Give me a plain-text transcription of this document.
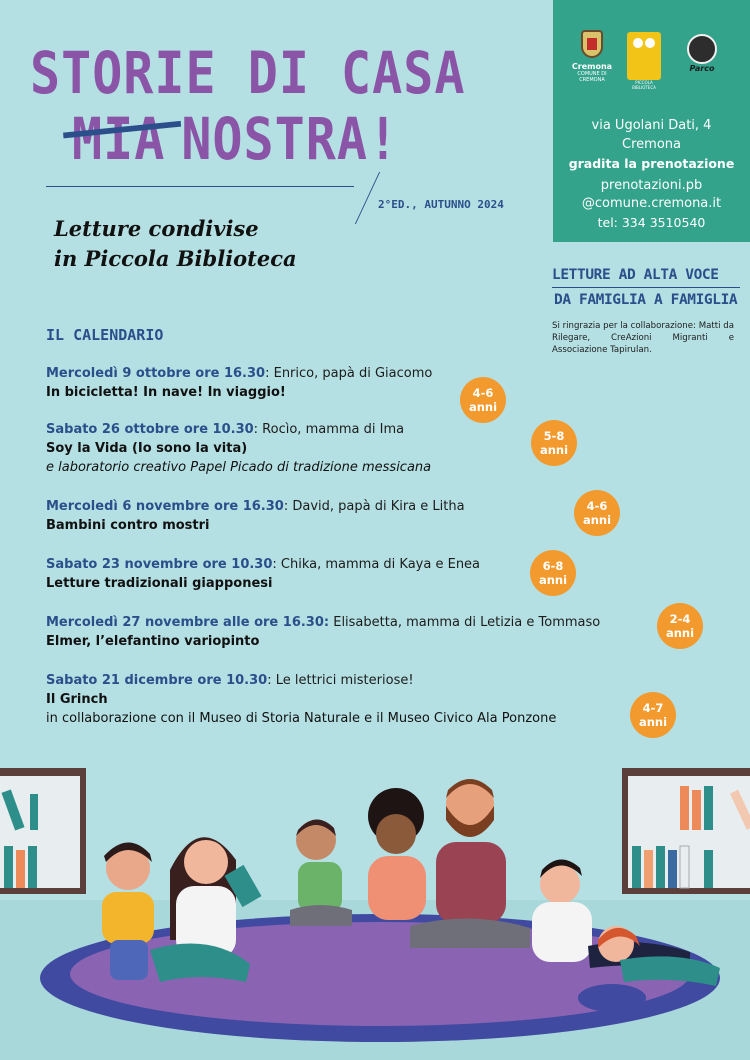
STORIE DI CASA
MIA NOSTRA!
2°ED., AUTUNNO 2024
Letture condivise
in Piccola Biblioteca
Cremona
COMUNE DI CREMONA	PICCOLA BIBLIOTECA
Parco
via Ugolani Dati, 4
Cremona
gradita la prenotazione
prenotazioni.pb
@comune.cremona.it
tel: 334 3510540
LETTURE AD ALTA VOCE
DA FAMIGLIA A FAMIGLIA
Si ringrazia per la collaborazione: Matti da Rilegare, CreAzioni Migranti e Associazione Tapirulan.
IL CALENDARIO
Mercoledì 9 ottobre ore 16.30: Enrico, papà di Giacomo
In bicicletta! In nave! In viaggio!	4-6
anni
Sabato 26 ottobre ore 10.30: Rocìo, mamma di Ima
Soy la Vida (Io sono la vita)
e laboratorio creativo Papel Picado di tradizione messicana
5-8
anni
Mercoledì 6 novembre ore 16.30: David, papà di Kira e Litha
Bambini contro mostri
4-6
anni
Sabato 23 novembre ore 10.30: Chika, mamma di Kaya e Enea
Letture tradizionali giapponesi
6-8
anni
Mercoledì 27 novembre alle ore 16.30: Elisabetta, mamma di Letizia e Tommaso
Elmer, l’elefantino variopinto
2-4
anni
Sabato 21 dicembre ore 10.30: Le lettrici misteriose!
Il Grinch
in collaborazione con il Museo di Storia Naturale e il Museo Civico Ala Ponzone
4-7
anni
